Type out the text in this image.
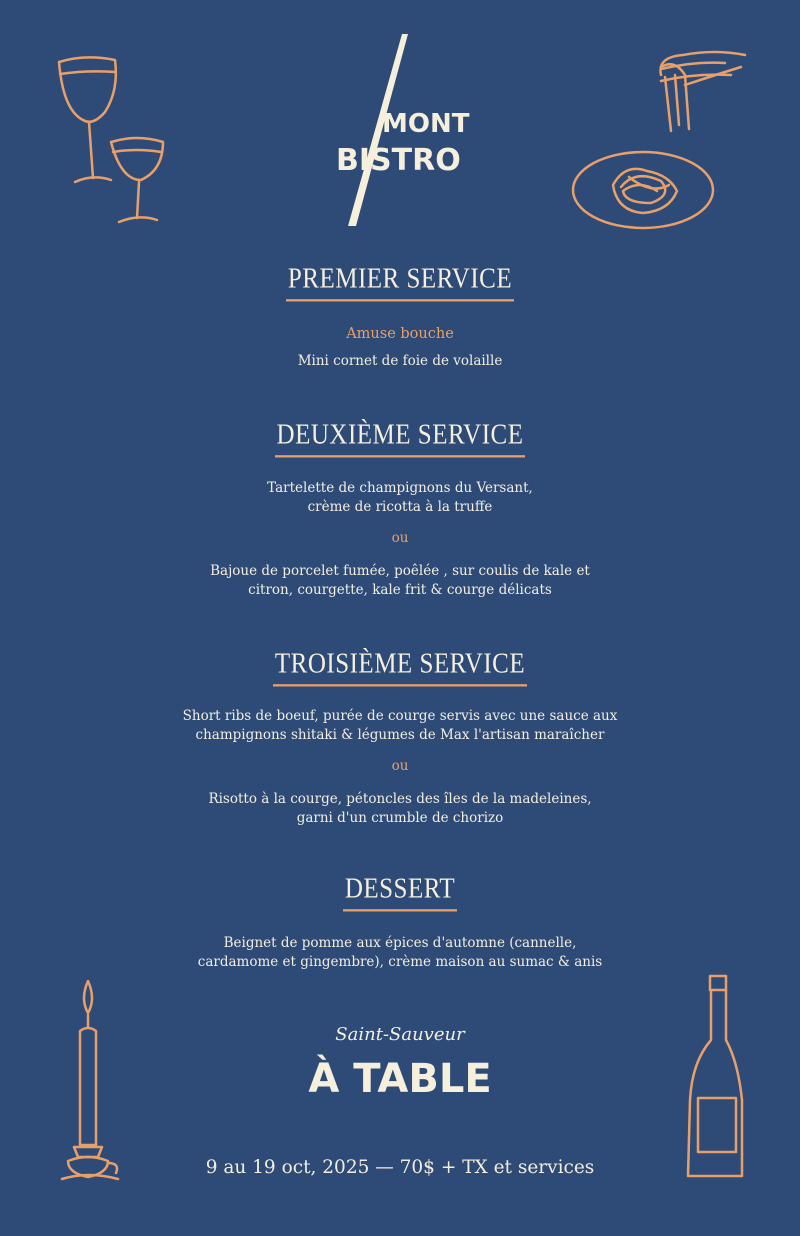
MONT
BISTRO
PREMIER SERVICE
Amuse bouche
Mini cornet de foie de volaille
DEUXIÈME SERVICE
Tartelette de champignons du Versant,
crème de ricotta à la truffe
ou
Bajoue de porcelet fumée, poêlée , sur coulis de kale et
citron, courgette, kale frit & courge délicats
TROISIÈME SERVICE
Short ribs de boeuf, purée de courge servis avec une sauce aux
champignons shitaki & légumes de Max l'artisan maraîcher
ou
Risotto à la courge, pétoncles des îles de la madeleines,
garni d'un crumble de chorizo
DESSERT
Beignet de pomme aux épices d'automne (cannelle,
cardamome et gingembre), crème maison au sumac & anis
Saint-Sauveur
À TABLE
9 au 19 oct, 2025 — 70$ + TX et services
